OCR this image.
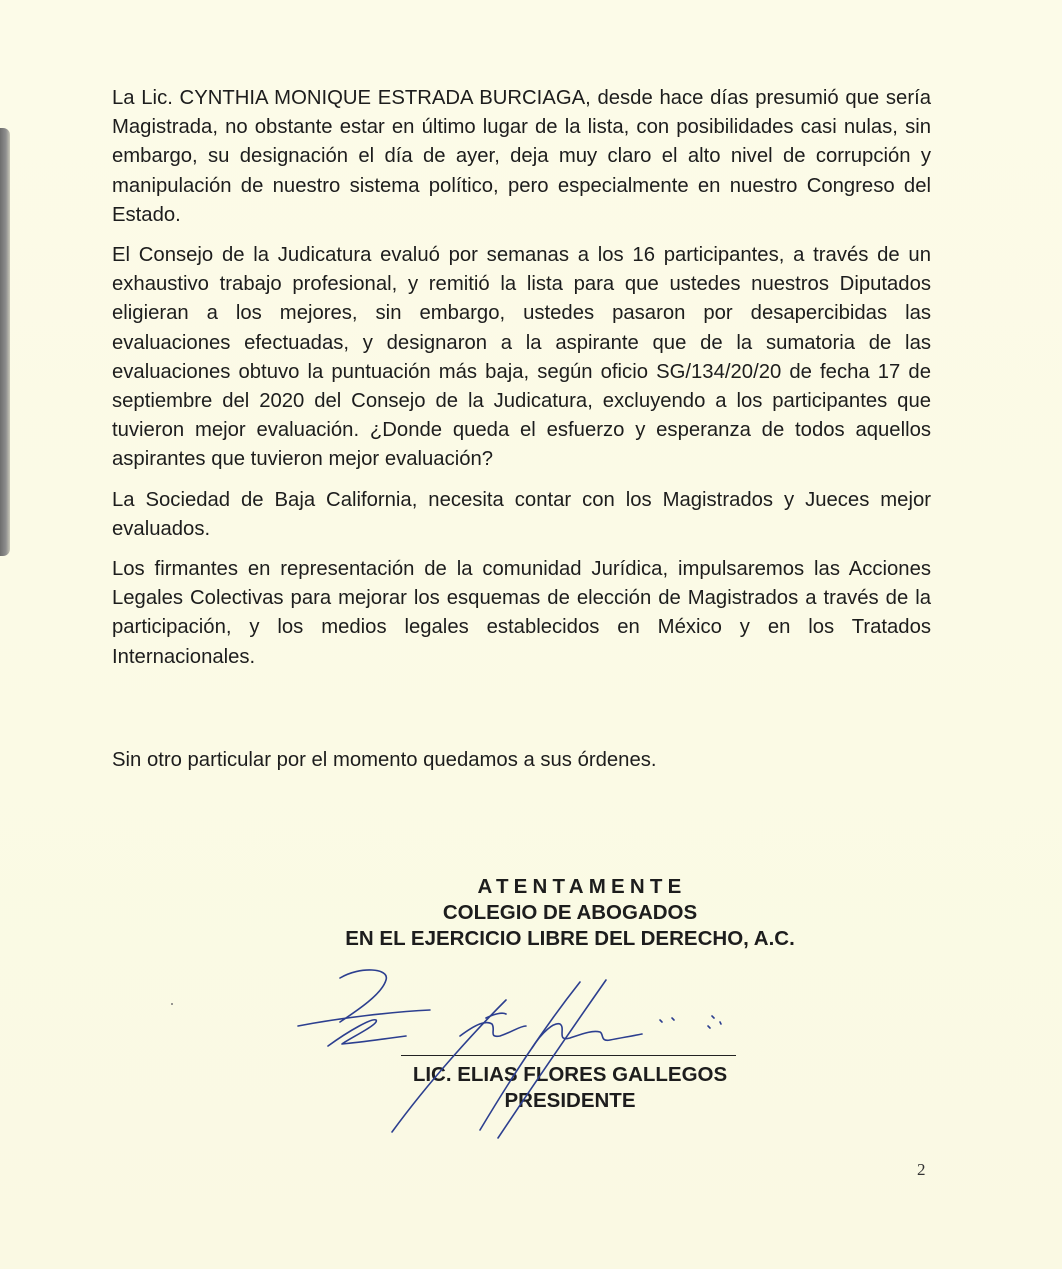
La Lic. CYNTHIA MONIQUE ESTRADA BURCIAGA, desde hace días presumió que sería Magistrada, no obstante estar en último lugar de la lista, con posibilidades casi nulas, sin embargo, su designación el día de ayer, deja muy claro el alto nivel de corrupción y manipulación de nuestro sistema político, pero especialmente en nuestro Congreso del Estado.

El Consejo de la Judicatura evaluó por semanas a los 16 participantes, a través de un exhaustivo trabajo profesional, y remitió la lista para que ustedes nuestros Diputados eligieran a los mejores, sin embargo, ustedes pasaron por desapercibidas las evaluaciones efectuadas, y designaron a la aspirante que de la sumatoria de las evaluaciones obtuvo la puntuación más baja, según oficio SG/134/20/20 de fecha 17 de septiembre del 2020 del Consejo de la Judicatura, excluyendo a los participantes que tuvieron mejor evaluación. ¿Donde queda el esfuerzo y esperanza de todos aquellos aspirantes que tuvieron mejor evaluación?

La Sociedad de Baja California, necesita contar con los Magistrados y Jueces mejor evaluados.

Los firmantes en representación de la comunidad Jurídica, impulsaremos las Acciones Legales Colectivas para mejorar los esquemas de elección de Magistrados a través de la participación, y los medios legales establecidos en México y en los Tratados Internacionales.

Sin otro particular por el momento quedamos a sus órdenes.

ATENTAMENTE
COLEGIO DE ABOGADOS
EN EL EJERCICIO LIBRE DEL DERECHO, A.C.
LIC. ELIAS FLORES GALLEGOS
PRESIDENTE
2
